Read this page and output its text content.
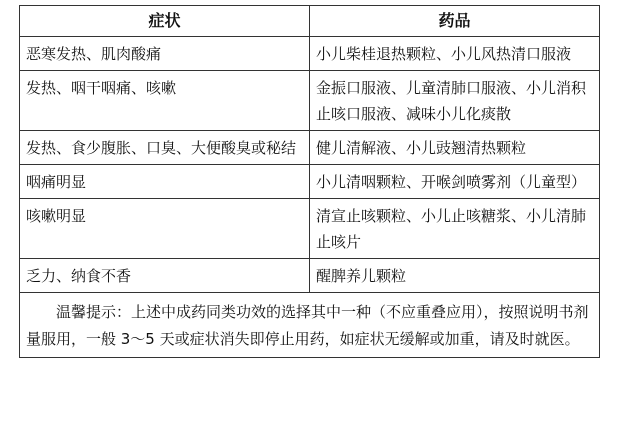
症状	药品
恶寒发热、肌肉酸痛	小儿柴桂退热颗粒、小儿风热清口服液
发热、咽干咽痛、咳嗽	金振口服液、儿童清肺口服液、小儿消积止咳口服液、减味小儿化痰散
发热、食少腹胀、口臭、大便酸臭或秘结	健儿清解液、小儿豉翘清热颗粒
咽痛明显	小儿清咽颗粒、开喉剑喷雾剂（儿童型）
咳嗽明显	清宣止咳颗粒、小儿止咳糖浆、小儿清肺止咳片
乏力、纳食不香	醒脾养儿颗粒

温馨提示：上述中成药同类功效的选择其中一种（不应重叠应用），按照说明书剂量服用，一般 3～5 天或症状消失即停止用药，如症状无缓解或加重，请及时就医。	
